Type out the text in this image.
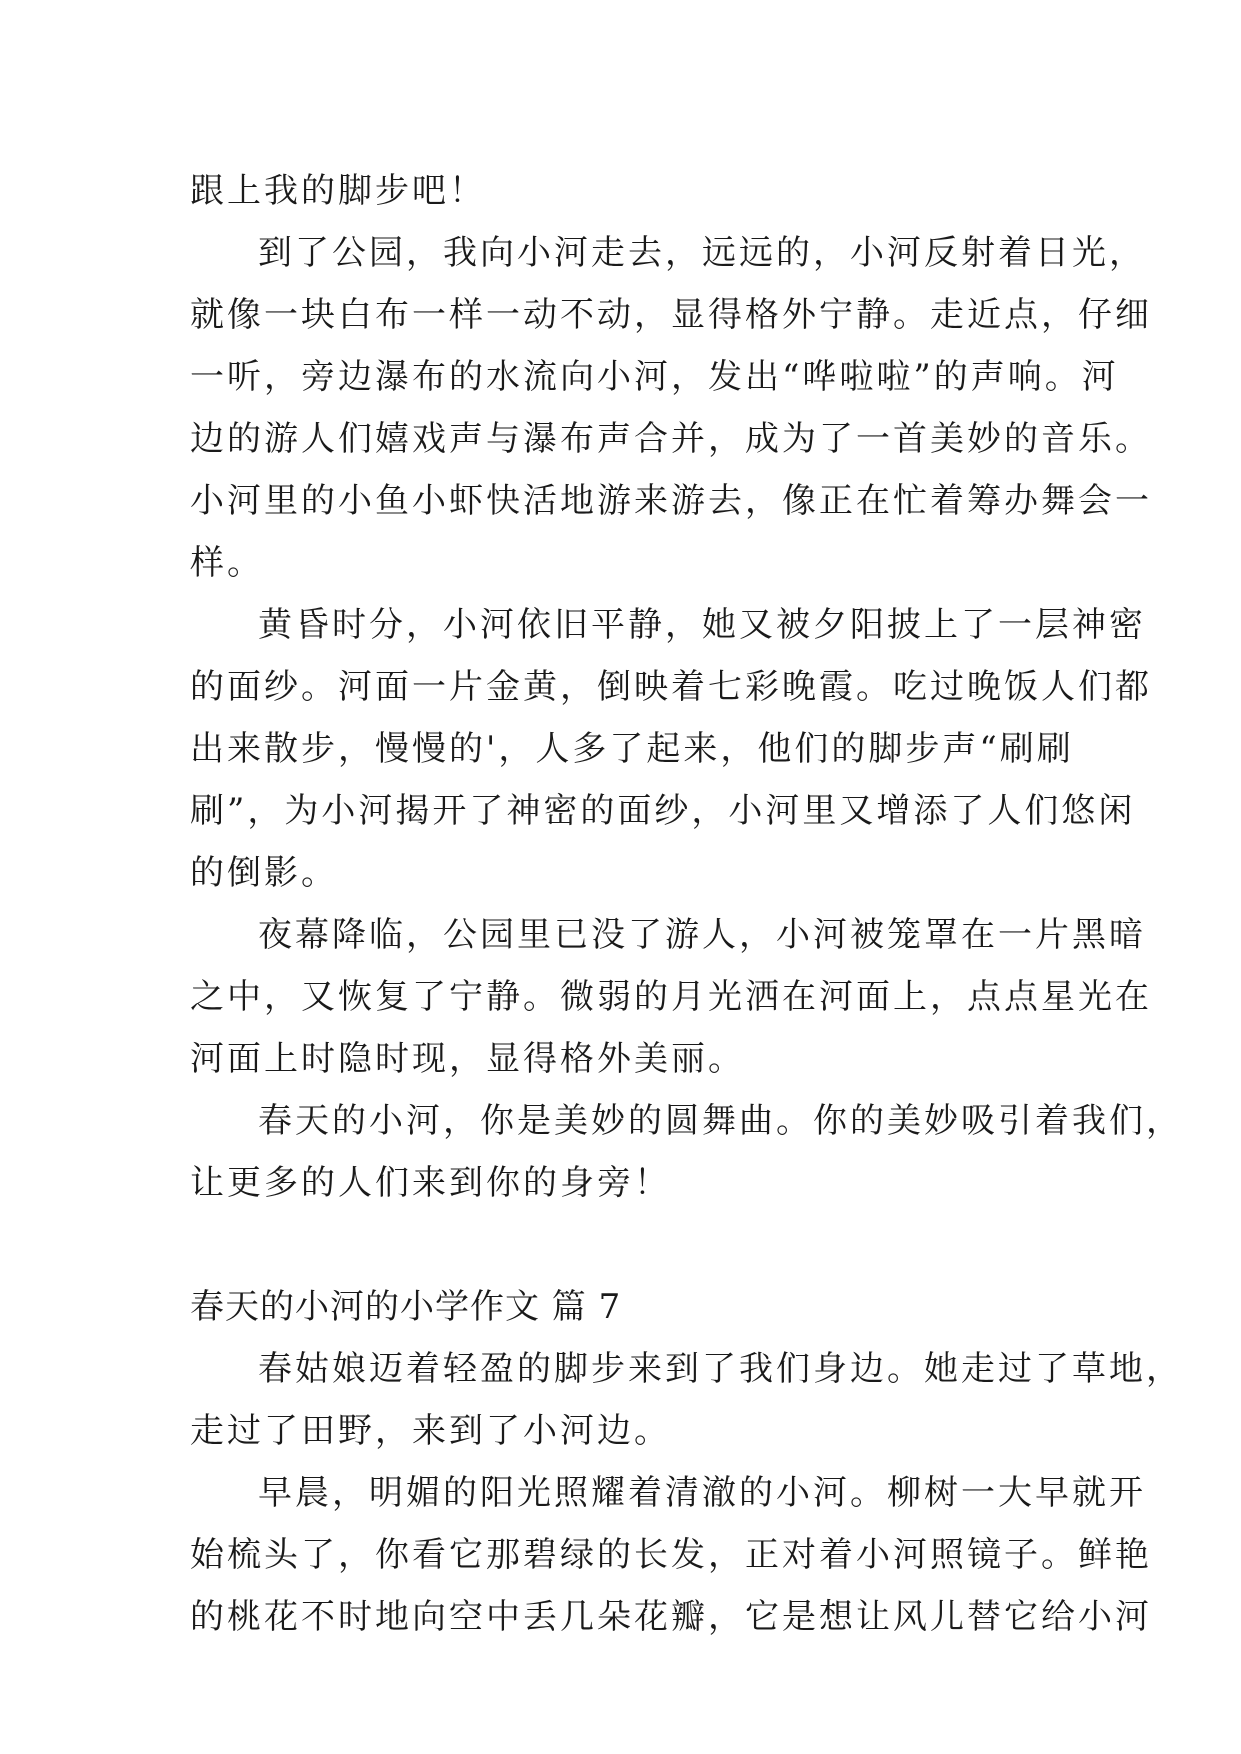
跟上我的脚步吧！
到了公园，我向小河走去，远远的，小河反射着日光，
就像一块白布一样一动不动，显得格外宁静。走近点，仔细
一听，旁边瀑布的水流向小河，发出“哗啦啦”的声响。河
边的游人们嬉戏声与瀑布声合并，成为了一首美妙的音乐。
小河里的小鱼小虾快活地游来游去，像正在忙着筹办舞会一
样。
黄昏时分，小河依旧平静，她又被夕阳披上了一层神密
的面纱。河面一片金黄，倒映着七彩晚霞。吃过晚饭人们都
出来散步，慢慢的'，人多了起来，他们的脚步声“刷刷
刷”，为小河揭开了神密的面纱，小河里又增添了人们悠闲
的倒影。
夜幕降临，公园里已没了游人，小河被笼罩在一片黑暗
之中，又恢复了宁静。微弱的月光洒在河面上，点点星光在
河面上时隐时现，显得格外美丽。
春天的小河，你是美妙的圆舞曲。你的美妙吸引着我们，
让更多的人们来到你的身旁！
春天的小河的小学作文 篇 7
春姑娘迈着轻盈的脚步来到了我们身边。她走过了草地，
走过了田野，来到了小河边。
早晨，明媚的阳光照耀着清澈的小河。柳树一大早就开
始梳头了，你看它那碧绿的长发，正对着小河照镜子。鲜艳
的桃花不时地向空中丢几朵花瓣，它是想让风儿替它给小河
